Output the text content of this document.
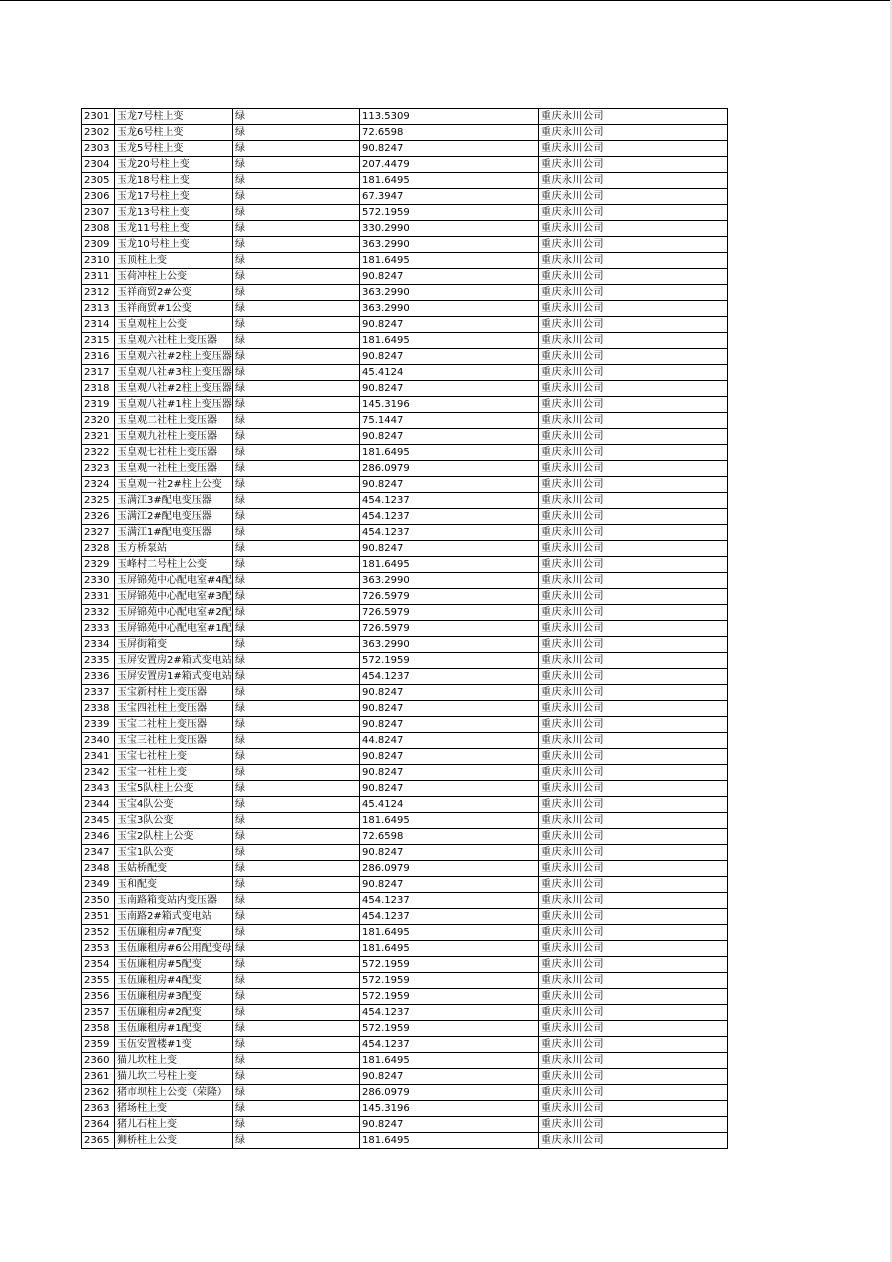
2301	玉龙7号柱上变	绿	113.5309	重庆永川公司
2302	玉龙6号柱上变	绿	72.6598	重庆永川公司
2303	玉龙5号柱上变	绿	90.8247	重庆永川公司
2304	玉龙20号柱上变	绿	207.4479	重庆永川公司
2305	玉龙18号柱上变	绿	181.6495	重庆永川公司
2306	玉龙17号柱上变	绿	67.3947	重庆永川公司
2307	玉龙13号柱上变	绿	572.1959	重庆永川公司
2308	玉龙11号柱上变	绿	330.2990	重庆永川公司
2309	玉龙10号柱上变	绿	363.2990	重庆永川公司
2310	玉顶柱上变	绿	181.6495	重庆永川公司
2311	玉荷冲柱上公变	绿	90.8247	重庆永川公司
2312	玉祥商贸2#公变	绿	363.2990	重庆永川公司
2313	玉祥商贸#1公变	绿	363.2990	重庆永川公司
2314	玉皇观柱上公变	绿	90.8247	重庆永川公司
2315	玉皇观六社柱上变压器	绿	181.6495	重庆永川公司
2316	玉皇观六社#2柱上变压器	绿	90.8247	重庆永川公司
2317	玉皇观八社#3柱上变压器	绿	45.4124	重庆永川公司
2318	玉皇观八社#2柱上变压器	绿	90.8247	重庆永川公司
2319	玉皇观八社#1柱上变压器	绿	145.3196	重庆永川公司
2320	玉皇观二社柱上变压器	绿	75.1447	重庆永川公司
2321	玉皇观九社柱上变压器	绿	90.8247	重庆永川公司
2322	玉皇观七社柱上变压器	绿	181.6495	重庆永川公司
2323	玉皇观一社柱上变压器	绿	286.0979	重庆永川公司
2324	玉皇观一社2#柱上公变	绿	90.8247	重庆永川公司
2325	玉满江3#配电变压器	绿	454.1237	重庆永川公司
2326	玉满江2#配电变压器	绿	454.1237	重庆永川公司
2327	玉满江1#配电变压器	绿	454.1237	重庆永川公司
2328	玉方桥泵站	绿	90.8247	重庆永川公司
2329	玉峰村二号柱上公变	绿	181.6495	重庆永川公司
2330	玉屏锦苑中心配电室#4配	绿	363.2990	重庆永川公司
2331	玉屏锦苑中心配电室#3配	绿	726.5979	重庆永川公司
2332	玉屏锦苑中心配电室#2配	绿	726.5979	重庆永川公司
2333	玉屏锦苑中心配电室#1配	绿	726.5979	重庆永川公司
2334	玉屏街箱变	绿	363.2990	重庆永川公司
2335	玉屏安置房2#箱式变电站	绿	572.1959	重庆永川公司
2336	玉屏安置房1#箱式变电站	绿	454.1237	重庆永川公司
2337	玉宝新村柱上变压器	绿	90.8247	重庆永川公司
2338	玉宝四社柱上变压器	绿	90.8247	重庆永川公司
2339	玉宝二社柱上变压器	绿	90.8247	重庆永川公司
2340	玉宝三社柱上变压器	绿	44.8247	重庆永川公司
2341	玉宝七社柱上变	绿	90.8247	重庆永川公司
2342	玉宝一社柱上变	绿	90.8247	重庆永川公司
2343	玉宝5队柱上公变	绿	90.8247	重庆永川公司
2344	玉宝4队公变	绿	45.4124	重庆永川公司
2345	玉宝3队公变	绿	181.6495	重庆永川公司
2346	玉宝2队柱上公变	绿	72.6598	重庆永川公司
2347	玉宝1队公变	绿	90.8247	重庆永川公司
2348	玉姑桥配变	绿	286.0979	重庆永川公司
2349	玉和配变	绿	90.8247	重庆永川公司
2350	玉南路箱变站内变压器	绿	454.1237	重庆永川公司
2351	玉南路2#箱式变电站	绿	454.1237	重庆永川公司
2352	玉伍廉租房#7配变	绿	181.6495	重庆永川公司
2353	玉伍廉租房#6公用配变母	绿	181.6495	重庆永川公司
2354	玉伍廉租房#5配变	绿	572.1959	重庆永川公司
2355	玉伍廉租房#4配变	绿	572.1959	重庆永川公司
2356	玉伍廉租房#3配变	绿	572.1959	重庆永川公司
2357	玉伍廉租房#2配变	绿	454.1237	重庆永川公司
2358	玉伍廉租房#1配变	绿	572.1959	重庆永川公司
2359	玉伍安置楼#1变	绿	454.1237	重庆永川公司
2360	猫儿坎柱上变	绿	181.6495	重庆永川公司
2361	猫儿坎二号柱上变	绿	90.8247	重庆永川公司
2362	猪市坝柱上公变（荣隆）	绿	286.0979	重庆永川公司
2363	猪场柱上变	绿	145.3196	重庆永川公司
2364	猪儿石柱上变	绿	90.8247	重庆永川公司
2365	狮桥柱上公变	绿	181.6495	重庆永川公司
